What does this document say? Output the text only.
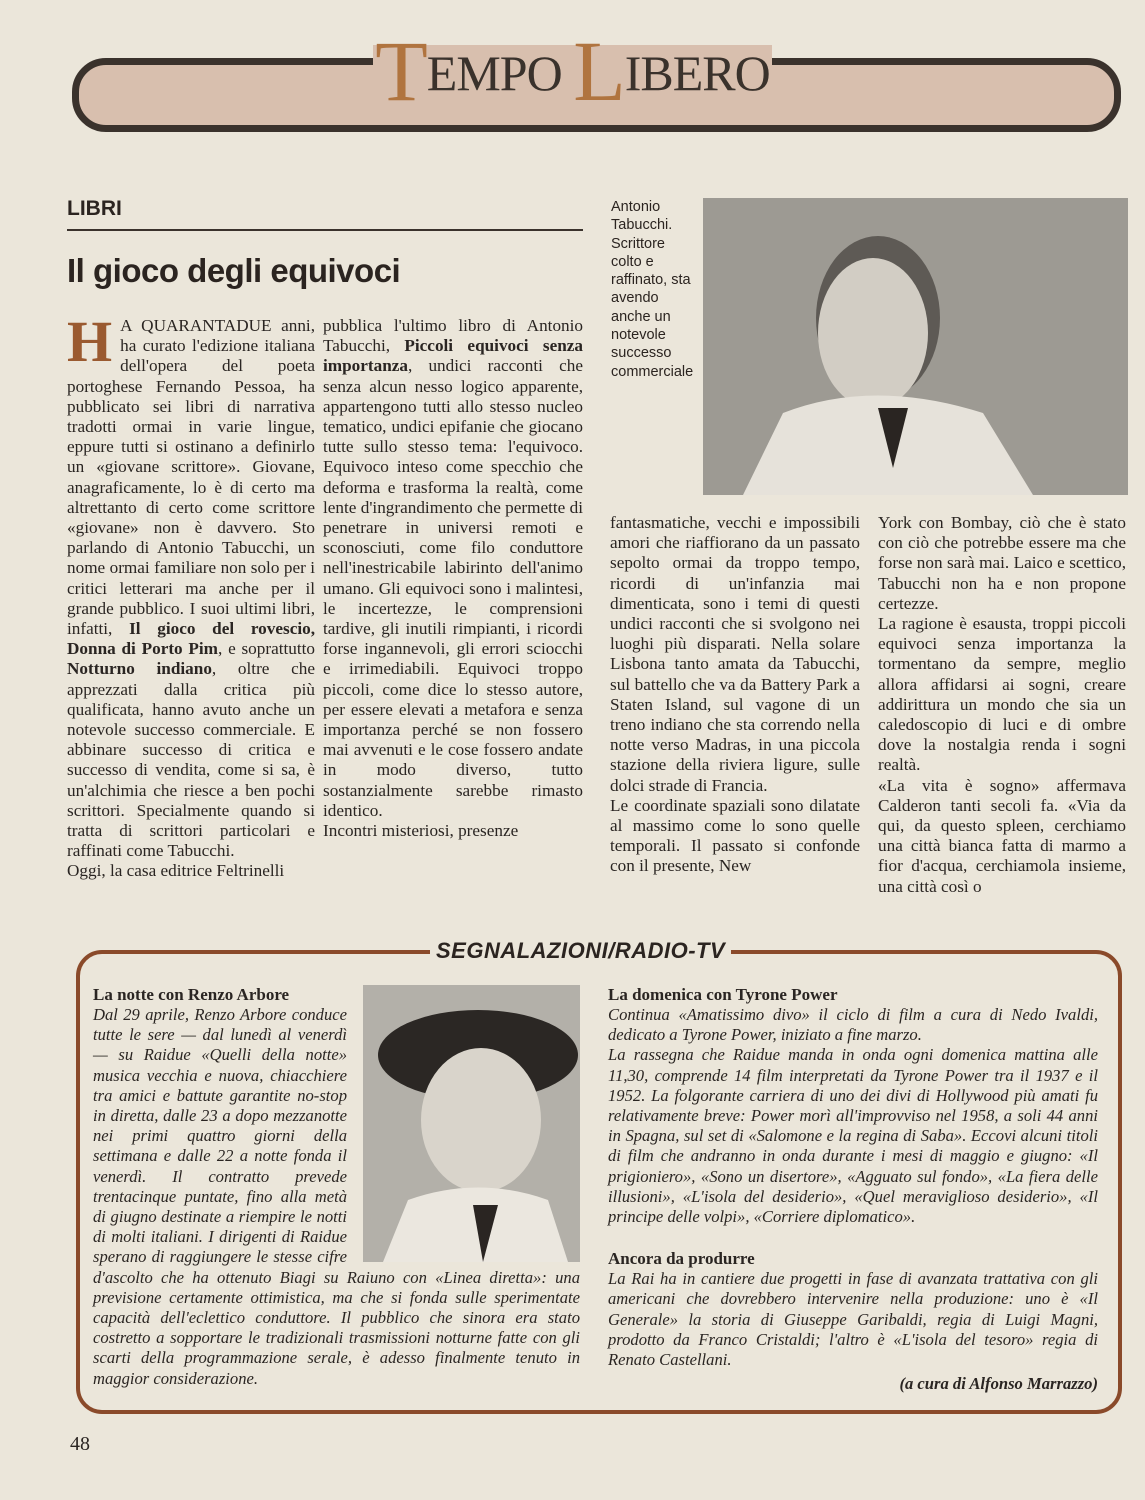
TEMPO LIBERO
LIBRI
Il gioco degli equivoci

H A QUARANTADUE anni, ha curato l'edizione italiana dell'opera del poeta portoghese Fernando Pessoa, ha pubblicato sei libri di narrativa tradotti ormai in varie lingue, eppure tutti si ostinano a definirlo un «giovane scrittore». Giovane, anagraficamente, lo è di certo ma altrettanto di certo come scrittore «giovane» non è davvero. Sto parlando di Antonio Tabucchi, un nome ormai familiare non solo per i critici letterari ma anche per il grande pubblico. I suoi ultimi libri, infatti, Il gioco del rovescio, Donna di Porto Pim, e soprattutto Notturno indiano, oltre che apprezzati dalla critica più qualificata, hanno avuto anche un notevole successo commerciale. E abbinare successo di critica e successo di vendita, come si sa, è un'alchimia che riesce a ben pochi scrittori. Specialmente quando si tratta di scrittori particolari e raffinati come Tabucchi.

Oggi, la casa editrice Feltrinelli

pubblica l'ultimo libro di Antonio Tabucchi, Piccoli equivoci senza importanza, undici racconti che senza alcun nesso logico apparente, appartengono tutti allo stesso nucleo tematico, undici epifanie che giocano tutte sullo stesso tema: l'equivoco. Equivoco inteso come specchio che deforma e trasforma la realtà, come lente d'ingrandimento che permette di penetrare in universi remoti e sconosciuti, come filo conduttore nell'inestricabile labirinto dell'animo umano. Gli equivoci sono i malintesi, le incertezze, le comprensioni tardive, gli inutili rimpianti, i ricordi forse ingannevoli, gli errori sciocchi e irrimediabili. Equivoci troppo piccoli, come dice lo stesso autore, per essere elevati a metafora e senza importanza perché se non fossero mai avvenuti e le cose fossero andate in modo diverso, tutto sostanzialmente sarebbe rimasto identico.

Incontri misteriosi, presenze

fantasmatiche, vecchi e impossibili amori che riaffiorano da un passato sepolto ormai da troppo tempo, ricordi di un'infanzia mai dimenticata, sono i temi di questi undici racconti che si svolgono nei luoghi più disparati. Nella solare Lisbona tanto amata da Tabucchi, sul battello che va da Battery Park a Staten Island, sul vagone di un treno indiano che sta correndo nella notte verso Madras, in una piccola stazione della riviera ligure, sulle dolci strade di Francia.

Le coordinate spaziali sono dilatate al massimo come lo sono quelle temporali. Il passato si confonde con il presente, New

York con Bombay, ciò che è stato con ciò che potrebbe essere ma che forse non sarà mai. Laico e scettico, Tabucchi non ha e non propone certezze.

La ragione è esausta, troppi piccoli equivoci senza importanza la tormentano da sempre, meglio allora affidarsi ai sogni, creare addirittura un mondo che sia un caledoscopio di luci e di ombre dove la nostalgia renda i sogni realtà.

«La vita è sogno» affermava Calderon tanti secoli fa. «Via da qui, da questo spleen, cerchiamo una città bianca fatta di marmo a fior d'acqua, cerchiamola insieme, una città così o

Antonio Tabucchi. Scrittore colto e raffinato, sta avendo anche un notevole successo commerciale
SEGNALAZIONI/RADIO-TV
La notte con Renzo Arbore
Dal 29 aprile, Renzo Arbore conduce tutte le sere — dal lunedì al venerdì — su Raidue «Quelli della notte» musica vecchia e nuova, chiacchiere tra amici e battute garantite no-stop in diretta, dalle 23 a dopo mezzanotte nei primi quattro giorni della settimana e dalle 22 a notte fonda il venerdì. Il contratto prevede trentacinque puntate, fino alla metà di giugno destinate a riempire le notti di molti italiani. I dirigenti di Raidue sperano di raggiungere le stesse cifre d'ascolto che ha ottenuto Biagi su Raiuno con «Linea diretta»: una previsione certamente ottimistica, ma che si fonda sulle sperimentate capacità dell'eclettico conduttore. Il pubblico che sinora era stato costretto a sopportare le tradizionali trasmissioni notturne fatte con gli scarti della programmazione serale, è adesso finalmente tenuto in maggior considerazione.
La domenica con Tyrone Power
Continua «Amatissimo divo» il ciclo di film a cura di Nedo Ivaldi, dedicato a Tyrone Power, iniziato a fine marzo.
La rassegna che Raidue manda in onda ogni domenica mattina alle 11,30, comprende 14 film interpretati da Tyrone Power tra il 1937 e il 1952. La folgorante carriera di uno dei divi di Hollywood più amati fu relativamente breve: Power morì all'improvviso nel 1958, a soli 44 anni in Spagna, sul set di «Salomone e la regina di Saba». Eccovi alcuni titoli di film che andranno in onda durante i mesi di maggio e giugno: «Il prigioniero», «Sono un disertore», «Agguato sul fondo», «La fiera delle illusioni», «L'isola del desiderio», «Quel meraviglioso desiderio», «Il principe delle volpi», «Corriere diplomatico».
Ancora da produrre
La Rai ha in cantiere due progetti in fase di avanzata trattativa con gli americani che dovrebbero intervenire nella produzione: uno è «Il Generale» la storia di Giuseppe Garibaldi, regia di Luigi Magni, prodotto da Franco Cristaldi; l'altro è «L'isola del tesoro» regia di Renato Castellani.
(a cura di Alfonso Marrazzo)
48
